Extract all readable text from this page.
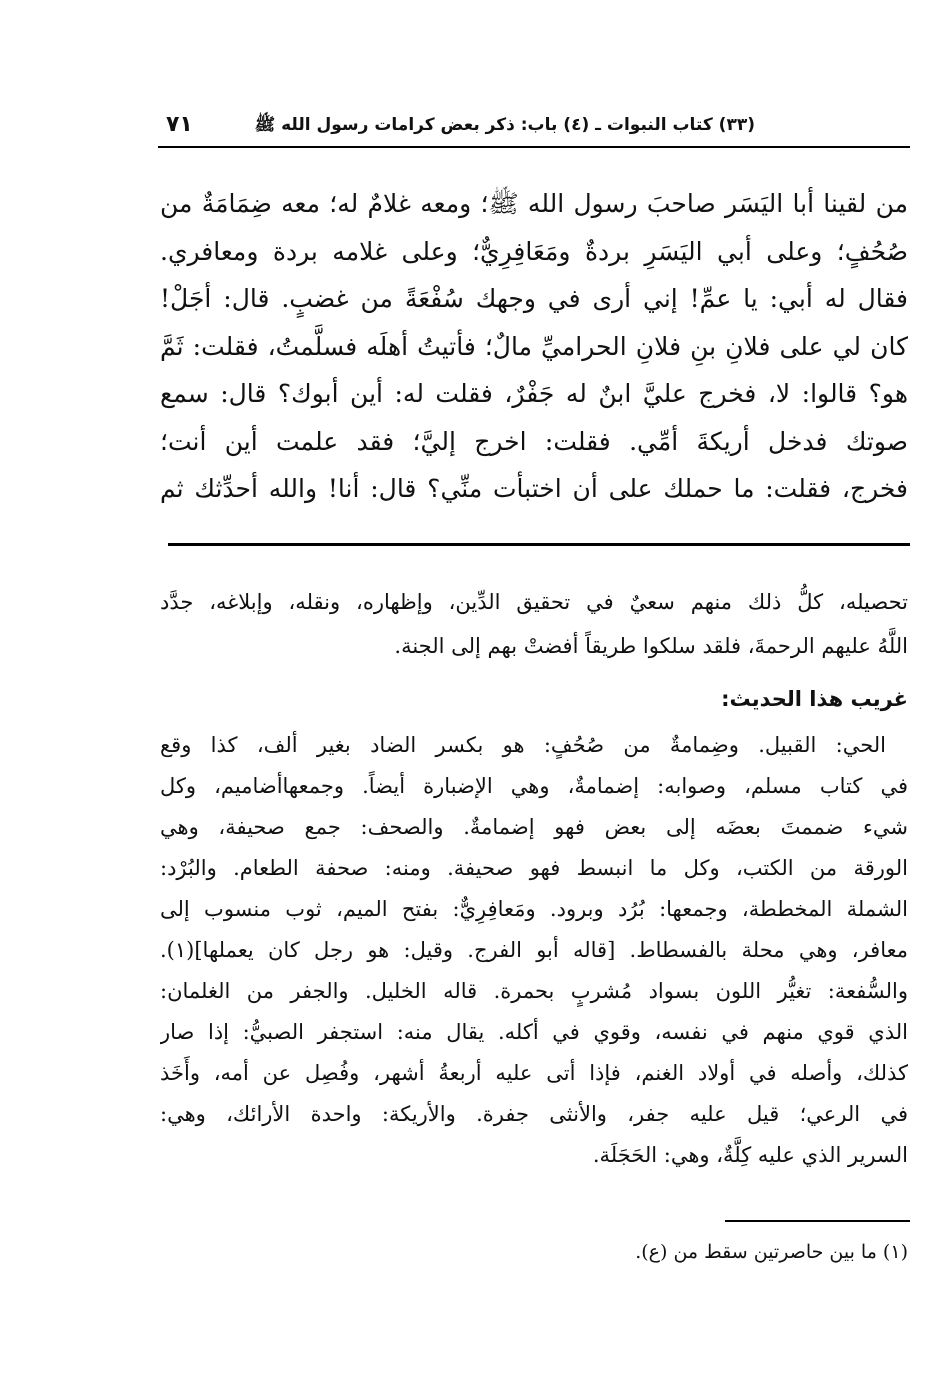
(٣٣) كتاب النبوات ـ (٤) باب: ذكر بعض كرامات رسول الله ﷺ
٧١
من لقينا أبا اليَسَر صاحبَ رسول الله ﷺ؛ ومعه غلامٌ له؛ معه ضِمَامَةٌ من
صُحُفٍ؛ وعلى أبي اليَسَرِ بردةٌ ومَعَافِرِيٌّ؛ وعلى غلامه بردة ومعافري.
فقال له أبي: يا عمِّ! إني أرى في وجهك سُفْعَةً من غضبٍ. قال: أجَلْ!
كان لي على فلانِ بنِ فلانِ الحراميِّ مالٌ؛ فأتيتُ أهلَه فسلَّمتُ، فقلت: ثَمَّ
هو؟ قالوا: لا، فخرج عليَّ ابنٌ له جَفْرٌ، فقلت له: أين أبوك؟ قال: سمع
صوتك فدخل أريكةَ أمِّي. فقلت: اخرج إليَّ؛ فقد علمت أين أنت؛
فخرج، فقلت: ما حملك على أن اختبأت منِّي؟ قال: أنا! والله أحدِّثك ثم
تحصيله، كلُّ ذلك منهم سعيٌ في تحقيق الدِّين، وإظهاره، ونقله، وإبلاغه، جدَّد
اللَّهُ عليهم الرحمةَ، فلقد سلكوا طريقاً أفضتْ بهم إلى الجنة.
غريب هذا الحديث:
الحي: القبيل. وضِمامةٌ من صُحُفٍ: هو بكسر الضاد بغير ألف، كذا وقع
في كتاب مسلم، وصوابه: إضمامةٌ، وهي الإضبارة أيضاً. وجمعهاأضاميم، وكل
شيء ضممتَ بعضَه إلى بعض فهو إضمامةٌ. والصحف: جمع صحيفة، وهي
الورقة من الكتب، وكل ما انبسط فهو صحيفة. ومنه: صحفة الطعام. والبُرْد:
الشملة المخططة، وجمعها: بُرُد وبرود. ومَعافِرِيٌّ: بفتح الميم، ثوب منسوب إلى
معافر، وهي محلة بالفسطاط. [قاله أبو الفرج. وقيل: هو رجل كان يعملها](١).
والسُّفعة: تغيُّر اللون بسواد مُشربٍ بحمرة. قاله الخليل. والجفر من الغلمان:
الذي قوي منهم في نفسه، وقوي في أكله. يقال منه: استجفر الصبيُّ: إذا صار
كذلك، وأصله في أولاد الغنم، فإذا أتى عليه أربعةُ أشهر، وفُصِل عن أمه، وأَخَذ
في الرعي؛ قيل عليه جفر، والأنثى جفرة. والأريكة: واحدة الأرائك، وهي:
السرير الذي عليه كِلَّةٌ، وهي: الحَجَلَة.
(١) ما بين حاصرتين سقط من (ع).
